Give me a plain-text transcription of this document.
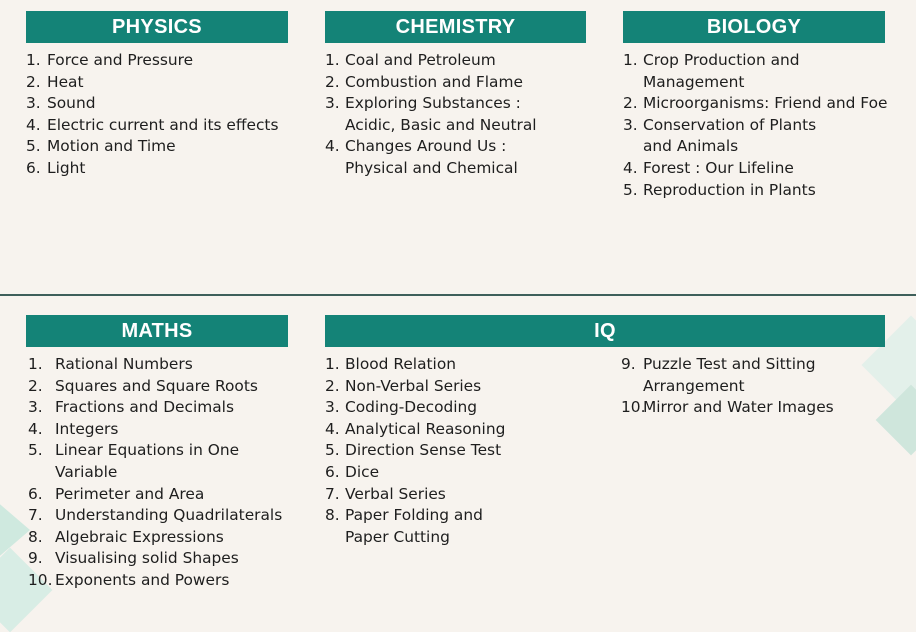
PHYSICS	CHEMISTRY	BIOLOGY
1. Force and Pressure
2. Heat
3. Sound
4. Electric current and its effects
5. Motion and Time
6. Light
1. Coal and Petroleum
2. Combustion and Flame
3. Exploring Substances :
Acidic, Basic and Neutral
4. Changes Around Us :
Physical and Chemical
1. Crop Production and
Management
2. Microorganisms: Friend and Foe
3. Conservation of Plants
and Animals
4. Forest : Our Lifeline
5. Reproduction in Plants
MATHS	IQ
1. Rational Numbers
2. Squares and Square Roots
3. Fractions and Decimals
4. Integers
5. Linear Equations in One
Variable
6. Perimeter and Area
7. Understanding Quadrilaterals
8. Algebraic Expressions
9. Visualising solid Shapes
10. Exponents and Powers
1. Blood Relation
2. Non-Verbal Series
3. Coding-Decoding
4. Analytical Reasoning
5. Direction Sense Test
6. Dice
7. Verbal Series
8. Paper Folding and
Paper Cutting
9. Puzzle Test and Sitting
Arrangement
10.
Mirror and Water Images
